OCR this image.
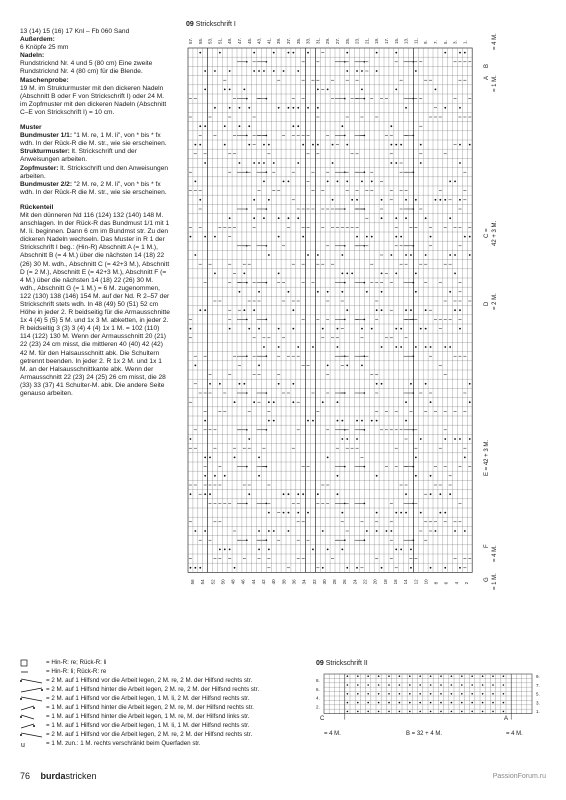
13 (14) 15 (16) 17 Knl – Fb 060 Sand

Außerdem:

6 Knöpfe 25 mm

Nadeln:

Rundstricknd Nr. 4 und 5 (80 cm) Eine zweite Rundstricknd Nr. 4 (80 cm) für die Blende.

Maschenprobe:

19 M. im Strukturmuster mit den dickeren Nadeln (Abschnitt B oder F von Strickschrift I) oder 24 M. im Zopfmuster mit den dickeren Nadeln (Abschnitt C–E von Strickschrift I) = 10 cm.

Muster

Bundmuster 1/1: "1 M. re, 1 M. li", von * bis * fx wdh. In der Rück-R die M. str., wie sie erscheinen.

Strukturmuster: lt. Strickschrift und der Anweisungen arbeiten.

Zopfmuster: lt. Strickschrift und den Anweisungen arbeiten.

Bundmuster 2/2: "2 M. re, 2 M. li", von * bis * fx wdh. In der Rück-R die M. str., wie sie erscheinen.

Rückenteil

Mit den dünneren Nd 116 (124) 132 (140) 148 M. anschlagen. In der Rück-R das Bundmust 1/1 mit 1 M. li. beginnen. Dann 6 cm im Bundmst str. Zu den dickeren Nadeln wechseln. Das Muster in R 1 der Strickschrift I beg.: (Hin-R) Abschnitt A (= 1 M.), Abschnitt B (= 4 M.) über die nächsten 14 (18) 22 (26) 30 M. wdh., Abschnitt C (= 42+3 M.), Abschnitt D (= 2 M.), Abschnitt E (= 42+3 M.), Abschnitt F (= 4 M.) über die nächsten 14 (18) 22 (26) 30 M. wdh., Abschnitt G (= 1 M.) = 6 M. zugenommen, 122 (130) 138 (146) 154 M. auf der Nd. R 2–57 der Strickschrift stets wdh. In 48 (49) 50 (51) 52 cm Höhe in jeder 2. R beidseitig für die Armausschnitte 1x 4 (4) 5 (5) 5 M. und 1x 3 M. abketten, in jeder 2. R beidseitig 3 (3) 3 (4) 4 (4) 1x 1 M. = 102 (110) 114 (122) 130 M. Wenn der Armausschnitt 20 (21) 22 (23) 24 cm misst, die mittleren 40 (40) 42 (42) 42 M. für den Halsausschnitt abk. Die Schultern getrennt beenden. In jeder 2. R 1x 2 M. und 1x 1 M. an der Halsausschnittkante abk. Wenn der Armausschnitt 22 (23) 24 (25) 26 cm misst, die 28 (33) 33 (37) 41 Schulter-M. abk. Die andere Seite genauso arbeiten.

09 Strickschrift I
57. 55. 53. 51. 49. 47. 45. 43. 41. 39. 37. 35. 33. 31. 29. 27. 25. 23. 21. 19. 17. 15. 13. 11. 9. 7. 5. 3. 1.
56 54 52 50 48 46 44 42 40 38 36 34 32 30 28 26 24 22 20 18 16 14 12 10 8 6 4 2
A = 1 M.
B
= 4 M.
C = 42 + 3 M.
D = 2 M.
E = 42 + 3 M.
F = 4 M.
G = 1 M.
09 Strickschrift II
9.
7.
5.
3.
1.
8.
6.
4.
2.
C
= 4 M.	B = 32 + 4 M.
A
= 4 M.
= Hin-R: re; Rück-R: li
= Hin-R: li; Rück-R: re
= 2 M. auf 1 Hilfsnd vor die Arbeit legen, 2 M. re, 2 M. der Hilfsnd rechts str.
= 2 M. auf 1 Hilfsnd hinter die Arbeit legen, 2 M. re, 2 M. der Hilfsnd rechts str.
= 2 M. auf 1 Hilfsnd vor die Arbeit legen, 1 M. li, 2 M. der Hilfsnd rechts str.
= 1 M. auf 1 Hilfsnd hinter die Arbeit legen, 2 M. re, M. der Hilfsnd rechts str.
= 1 M. auf 1 Hilfsnd hinter die Arbeit legen, 1 M. re, M. der Hilfsnd links str.
= 1 M. auf 1 Hilfsnd vor die Arbeit legen, 1 M. li, 1 M. der Hilfsnd rechts str.
= 2 M. auf 1 Hilfsnd vor die Arbeit legen, 2 M. re, 2 M. der Hilfsnd rechts str.
u	= 1 M. zun.: 1 M. rechts verschränkt beim Querfaden str.
76 burdastricken	PassionForum.ru
